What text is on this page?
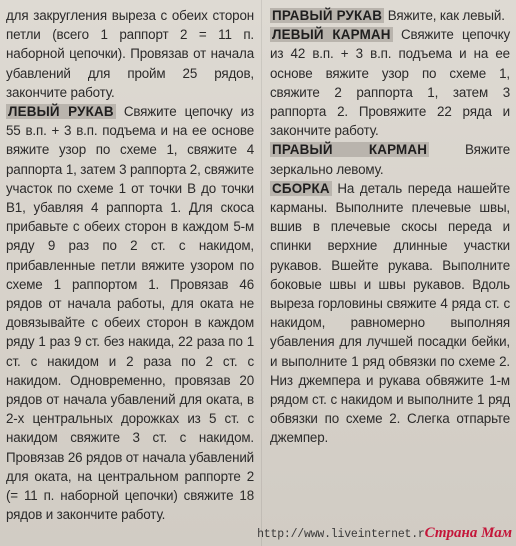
для закругления выреза с обеих сторон петли (всего 1 раппорт 2 = 11 п. наборной цепочки). Провязав от начала убавлений для пройм 25 рядов, закончите работу.

ЛЕВЫЙ РУКАВ Свяжите цепочку из 55 в.п. + 3 в.п. подъема и на ее основе вяжите узор по схеме 1, свяжите 4 раппорта 1, затем 3 раппорта 2, свяжите участок по схеме 1 от точки В до точки В1, убавляя 4 раппорта 1. Для скоса прибавьте с обеих сторон в каждом 5-м ряду 9 раз по 2 ст. с накидом, прибавленные петли вяжите узором по схеме 1 раппортом 1. Провязав 46 рядов от начала работы, для оката не довязывайте с обеих сторон в каждом ряду 1 раз 9 ст. без накида, 22 раза по 1 ст. с накидом и 2 раза по 2 ст. с накидом. Одновременно, провязав 20 рядов от начала убавлений для оката, в 2-х центральных дорожках из 5 ст. с накидом свяжите 3 ст. с накидом. Провязав 26 рядов от начала убавлений для оката, на центральном раппорте 2 (= 11 п. наборной цепочки) свяжите 18 рядов и закончите работу.

ПРАВЫЙ РУКАВ Вяжите, как левый.

ЛЕВЫЙ КАРМАН Свяжите цепочку из 42 в.п. + 3 в.п. подъема и на ее основе вяжите узор по схеме 1, свяжите 2 раппорта 1, затем 3 раппорта 2. Провяжите 22 ряда и закончите работу.

ПРАВЫЙ КАРМАН	Вяжите зеркально левому.

СБОРКА На деталь переда нашейте карманы. Выполните плечевые швы, вшив в плечевые скосы переда и спинки верхние длинные участки рукавов. Вшейте рукава. Выполните боковые швы и швы рукавов. Вдоль выреза горловины свяжите 4 ряда ст. с накидом, равномерно выполняя убавления для лучшей посадки бейки, и выполните 1 ряд обвязки по схеме 2. Низ джемпера и рукава обвяжите 1-м рядом ст. с накидом и выполните 1 ряд обвязки по схеме 2. Слегка отпарьте джемпер.

http://www.liveinternet.rСтрана Мам
